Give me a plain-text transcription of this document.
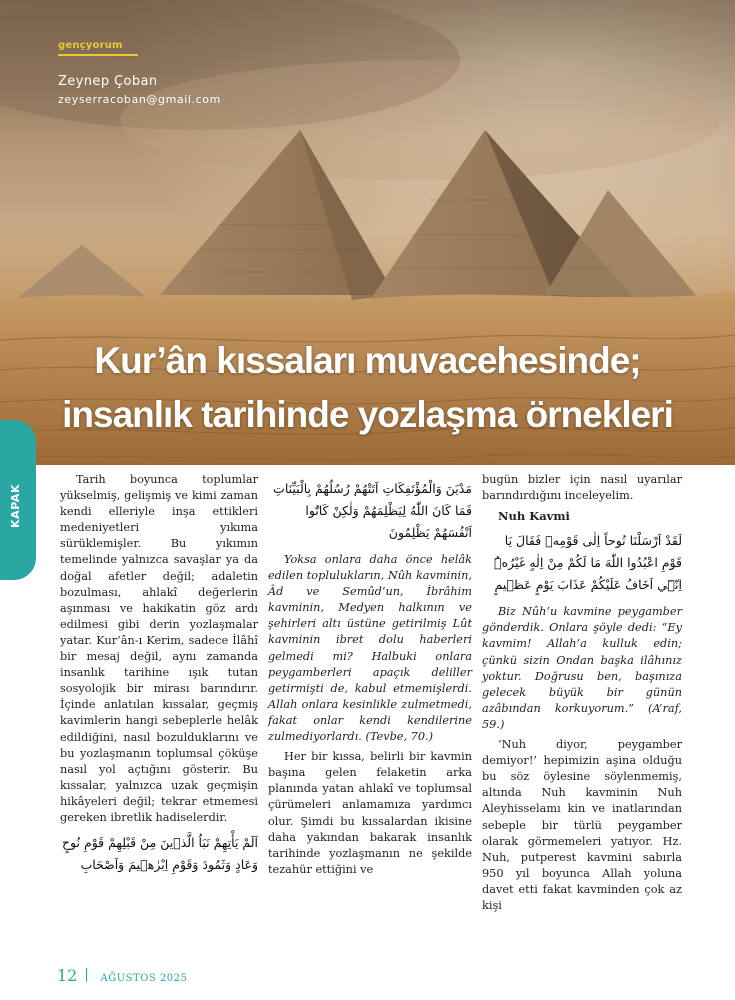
gençyorum
Zeynep Çoban
zeyserracoban@gmail.com
Kur’ân kıssaları muvacehesinde;
insanlık tarihinde yozlaşma örnekleri
KAPAK

Tarih boyunca toplumlar yükselmiş, gelişmiş ve kimi zaman kendi elleriyle inşa ettikleri medeniyetleri yıkıma sürüklemişler. Bu yıkımın temelinde yalnızca savaşlar ya da doğal afetler değil; adaletin bozulması, ahlakî değerlerin aşınması ve hakikatin göz ardı edilmesi gibi derin yozlaşmalar yatar. Kur’ân-ı Kerim, sadece İlâhî bir mesaj değil, aynı zamanda insanlık tarihine ışık tutan sosyolojik bir mirası barındırır. İçinde anlatılan kıssalar, geçmiş kavimlerin hangi sebeplerle helâk edildiğini, nasıl bozulduklarını ve bu yozlaşmanın toplumsal çöküşe nasıl yol açtığını gösterir. Bu kıssalar, yalnızca uzak geçmişin hikâyeleri değil; tekrar etmemesi gereken ibretlik hadiselerdir.

اَلَمْ يَأْتِهِمْ نَبَاُ الَّذٖينَ مِنْ قَبْلِهِمْ قَوْمِ نُوحٍ وَعَادٍ وَثَمُودَ وَقَوْمِ اِبْرٰهٖيمَ وَاَصْحَابِ
مَدْيَنَ وَالْمُؤْتَفِكَاتِ اَتَتْهُمْ رُسُلُهُمْ بِالْبَيِّنَاتِ فَمَا كَانَ اللّٰهُ لِيَظْلِمَهُمْ وَلٰكِنْ كَانُٓوا اَنْفُسَهُمْ يَظْلِمُونَ

Yoksa onlara daha önce helâk edilen toplulukların, Nûh kavminin, Âd ve Semûd’un, İbrâhim kavminin, Medyen halkının ve şehirleri altı üstüne getirilmiş Lût kavminin ibret dolu haberleri gelmedi mi? Halbuki onlara peygamberleri apaçık deliller getirmişti de, kabul etmemişlerdi. Allah onlara kesinlikle zulmetmedi, fakat onlar kendi kendilerine zulmediyorlardı. (Tevbe, 70.)

Her bir kıssa, belirli bir kavmin başına gelen felaketin arka planında yatan ahlakî ve toplumsal çürümeleri anlamamıza yardımcı olur. Şimdi bu kıssalardan ikisine daha yakından bakarak insanlık tarihinde yozlaşmanın ne şekilde tezahür ettiğini ve

bugün bizler için nasıl uyarılar barındırdığını inceleyelim.

Nuh Kavmi
لَقَدْ اَرْسَلْنَا نُوحاً اِلٰى قَوْمِهٖ فَقَالَ يَا قَوْمِ اعْبُدُوا اللّٰهَ مَا لَكُمْ مِنْ اِلٰهٍ غَيْرُهُۜ اِنّٖٓي اَخَافُ عَلَيْكُمْ عَذَابَ يَوْمٍ عَظٖيمٍ

Biz Nûh’u kavmine peygamber gönderdik. Onlara şöyle dedi: “Ey kavmim! Allah’a kulluk edin; çünkü sizin Ondan başka ilâhınız yoktur. Doğrusu ben, başınıza gelecek büyük bir günün azâbından korkuyorum.” (A’raf, 59.)

‘Nuh diyor, peygamber demiyor!’ hepimizin aşina olduğu bu söz öylesine söylenmemiş, altında Nuh kavminin Nuh Aleyhisselamı kin ve inatlarından sebeple bir türlü peygamber olarak görmemeleri yatıyor. Hz. Nuh, putperest kavmini sabırla 950 yıl boyunca Allah yoluna davet etti fakat kavminden çok az kişi

12 AĞUSTOS 2025
